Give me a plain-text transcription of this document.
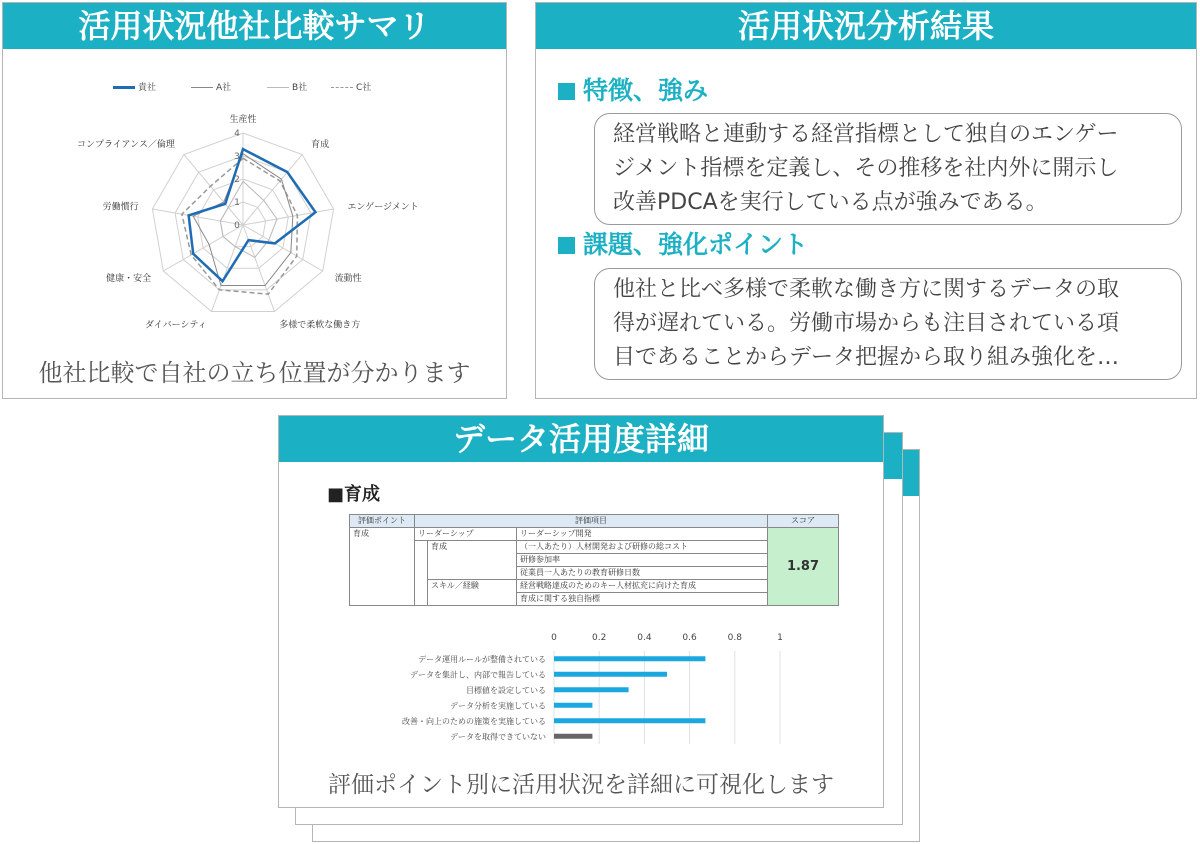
活用状況他社比較サマリ
貴社	A社	B社	C社
0
1
2
3
4
生産性
育成
エンゲージメント
流動性
多様で柔軟な働き方
ダイバーシティ
健康・安全
労働慣行
コンプライアンス／倫理
他社比較で自社の立ち位置が分かります
活用状況分析結果
特徴、強み
経営戦略と連動する経営指標として独自のエンゲー
ジメント指標を定義し、その推移を社内外に開示し
改善PDCAを実行している点が強みである。
課題、強化ポイント
他社と比べ多様で柔軟な働き方に関するデータの取
得が遅れている。労働市場からも注目されている項
目であることからデータ把握から取り組み強化を…
データ活用度詳細
■育成
評価ポイント	評価項目			スコア
育成	リーダーシップ		リーダーシップ開発	1.87
		育成	（一人あたり）人材開発および研修の総コスト	
			研修参加率	
			従業員一人あたりの教育研修日数	
		スキル／経験	経営戦略達成のためのキー人材拡充に向けた育成	
			育成に関する独自指標	
0	0.2	0.4	0.6	0.8	1
データ運用ルールが整備されている
データを集計し、内部で報告している
目標値を設定している
データ分析を実施している
改善・向上のための施策を実施している
データを取得できていない
評価ポイント別に活用状況を詳細に可視化します
